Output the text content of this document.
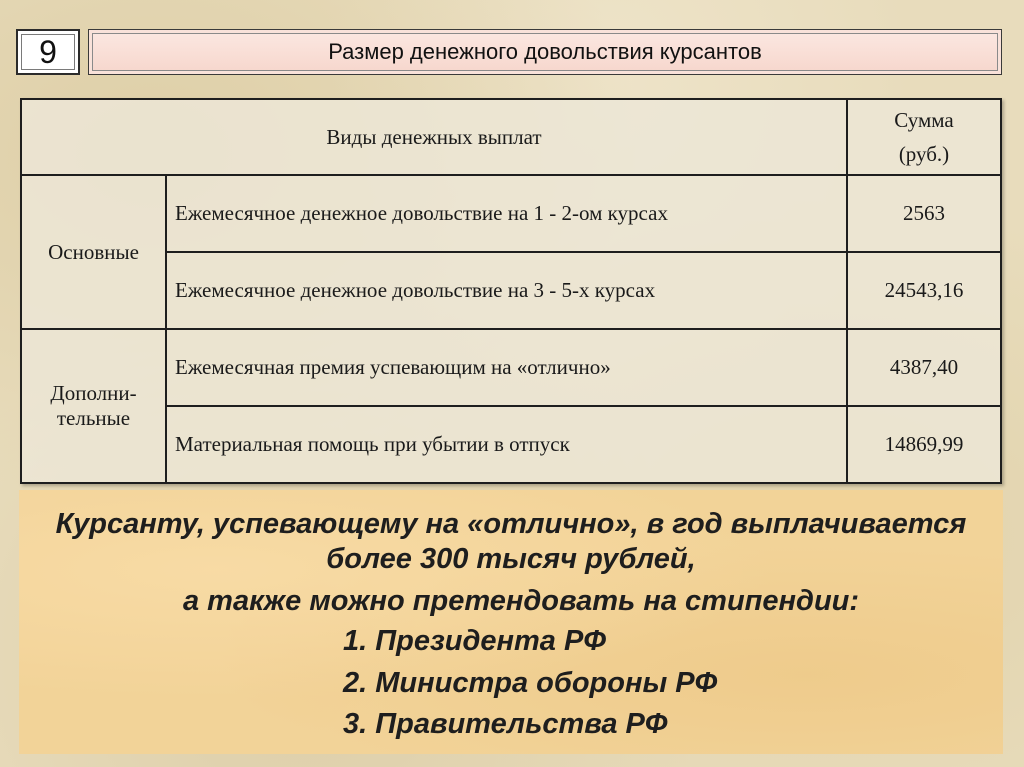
9	Размер денежного довольствия курсантов
Виды денежных выплат		Сумма
(руб.)
Основные	Ежемесячное денежное довольствие на 1 - 2-ом курсах	2563
	Ежемесячное денежное довольствие на 3 - 5-х курсах	24543,16
Дополни-
тельные	Ежемесячная премия успевающим на «отлично»	4387,40
	Материальная помощь при убытии в отпуск	14869,99
Курсанту, успевающему на «отлично», в год выплачивается
более 300 тысяч рублей,
а также можно претендовать на стипендии:
1. Президента РФ
2. Министра обороны РФ
3. Правительства РФ
